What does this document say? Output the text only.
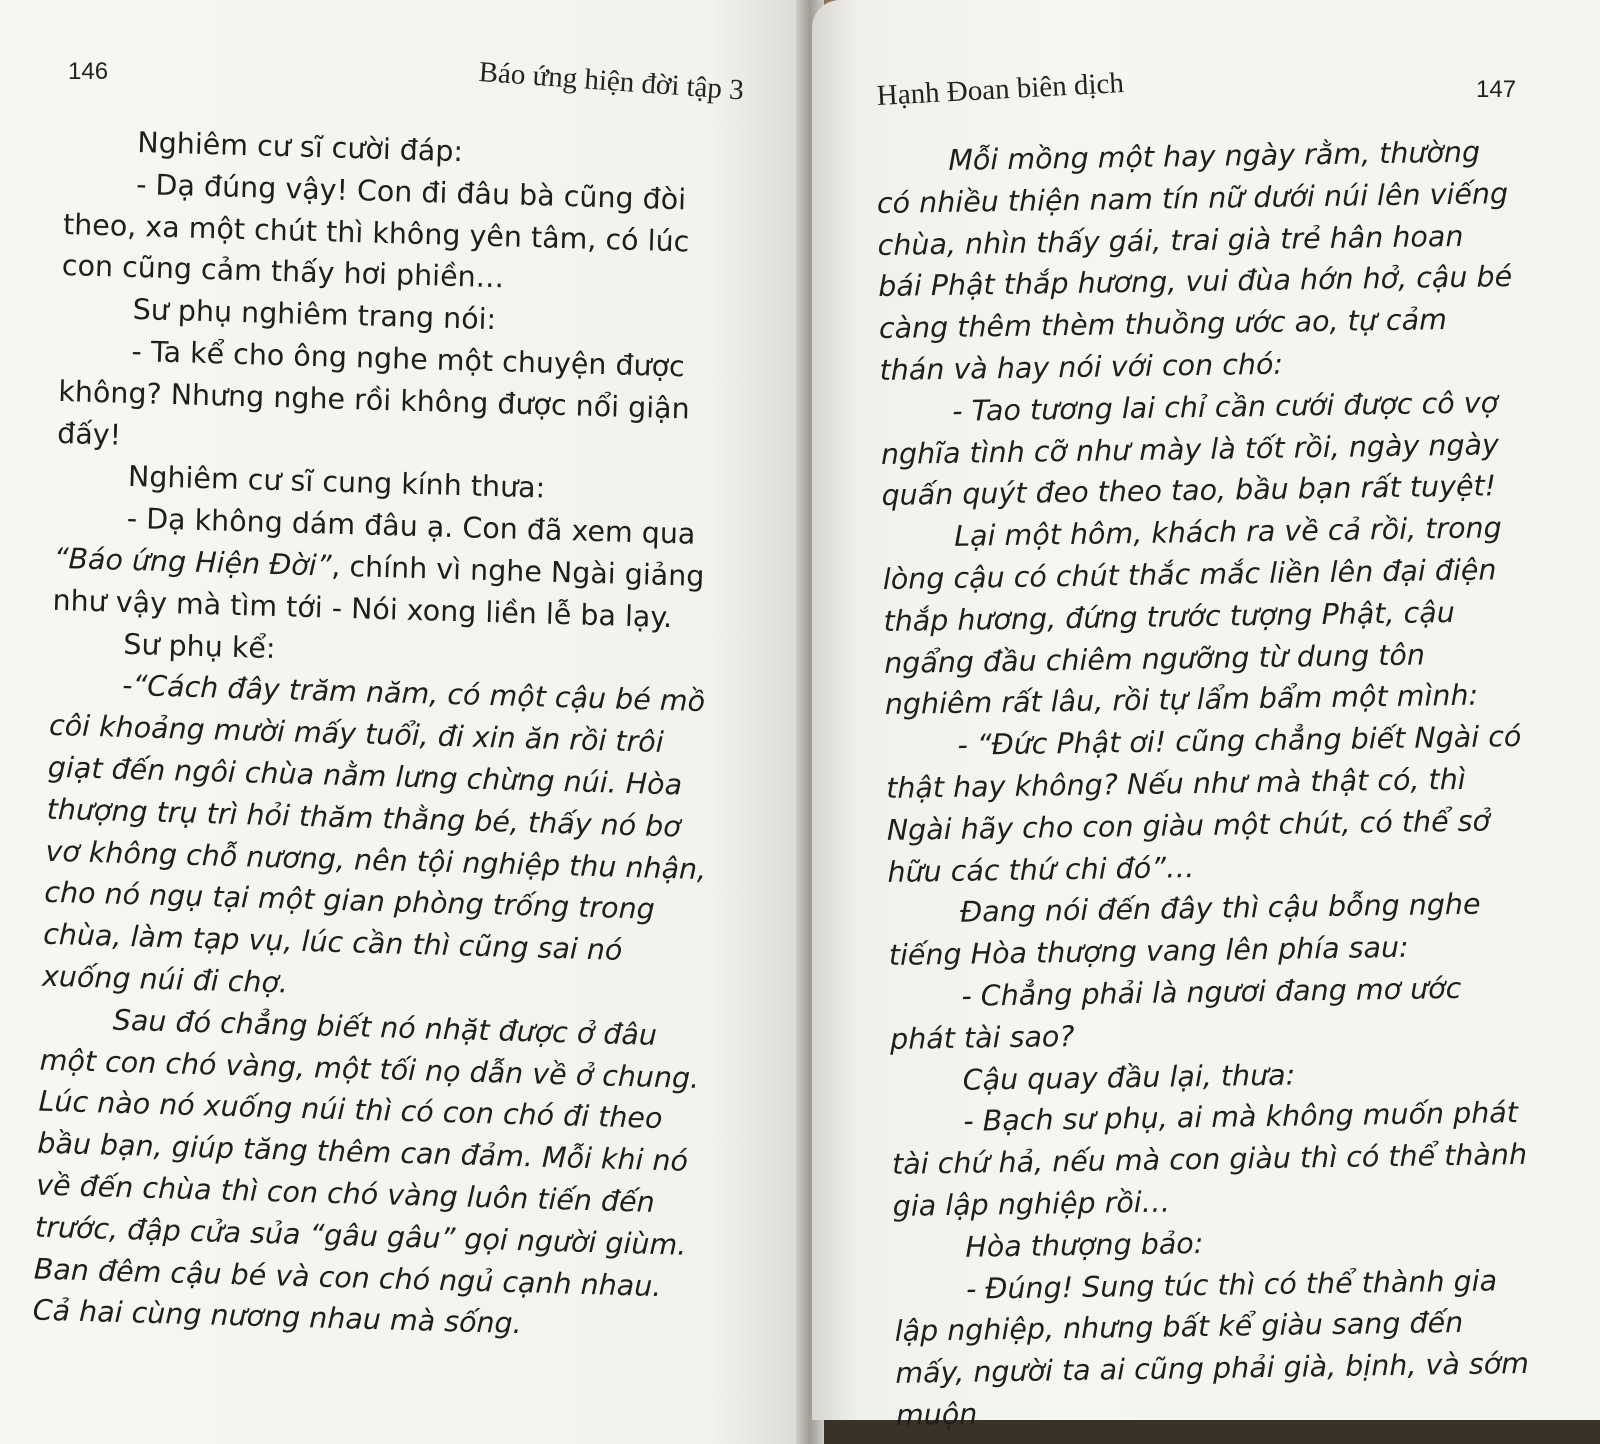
146	Báo ứng hiện đời tập 3

Nghiêm cư sĩ cười đáp:

- Dạ đúng vậy! Con đi đâu bà cũng đòi theo, xa một chút thì không yên tâm, có lúc con cũng cảm thấy hơi phiền…

Sư phụ nghiêm trang nói:

- Ta kể cho ông nghe một chuyện được không? Nhưng nghe rồi không được nổi giận đấy!

Nghiêm cư sĩ cung kính thưa:

- Dạ không dám đâu ạ. Con đã xem qua “Báo ứng Hiện Đời”, chính vì nghe Ngài giảng như vậy mà tìm tới - Nói xong liền lễ ba lạy.

Sư phụ kể:

-“Cách đây trăm năm, có một cậu bé mồ côi khoảng mười mấy tuổi, đi xin ăn rồi trôi giạt đến ngôi chùa nằm lưng chừng núi. Hòa thượng trụ trì hỏi thăm thằng bé, thấy nó bơ vơ không chỗ nương, nên tội nghiệp thu nhận, cho nó ngụ tại một gian phòng trống trong chùa, làm tạp vụ, lúc cần thì cũng sai nó xuống núi đi chợ.

Sau đó chẳng biết nó nhặt được ở đâu một con chó vàng, một tối nọ dẫn về ở chung. Lúc nào nó xuống núi thì có con chó đi theo bầu bạn, giúp tăng thêm can đảm. Mỗi khi nó về đến chùa thì con chó vàng luôn tiến đến trước, đập cửa sủa “gâu gâu” gọi người giùm. Ban đêm cậu bé và con chó ngủ cạnh nhau. Cả hai cùng nương nhau mà sống.

Hạnh Đoan biên dịch	147

Mỗi mồng một hay ngày rằm, thường có nhiều thiện nam tín nữ dưới núi lên viếng chùa, nhìn thấy gái, trai già trẻ hân hoan bái Phật thắp hương, vui đùa hớn hở, cậu bé càng thêm thèm thuồng ước ao, tự cảm thán và hay nói với con chó:

- Tao tương lai chỉ cần cưới được cô vợ nghĩa tình cỡ như mày là tốt rồi, ngày ngày quấn quýt đeo theo tao, bầu bạn rất tuyệt!

Lại một hôm, khách ra về cả rồi, trong lòng cậu có chút thắc mắc liền lên đại điện thắp hương, đứng trước tượng Phật, cậu ngẩng đầu chiêm ngưỡng từ dung tôn nghiêm rất lâu, rồi tự lẩm bẩm một mình:

- “Đức Phật ơi! cũng chẳng biết Ngài có thật hay không? Nếu như mà thật có, thì Ngài hãy cho con giàu một chút, có thể sở hữu các thứ chi đó”…

Đang nói đến đây thì cậu bỗng nghe tiếng Hòa thượng vang lên phía sau:

- Chẳng phải là ngươi đang mơ ước phát tài sao?

Cậu quay đầu lại, thưa:

- Bạch sư phụ, ai mà không muốn phát tài chứ hả, nếu mà con giàu thì có thể thành gia lập nghiệp rồi…

Hòa thượng bảo:

- Đúng! Sung túc thì có thể thành gia lập nghiệp, nhưng bất kể giàu sang đến mấy, người ta ai cũng phải già, bịnh, và sớm muộn
